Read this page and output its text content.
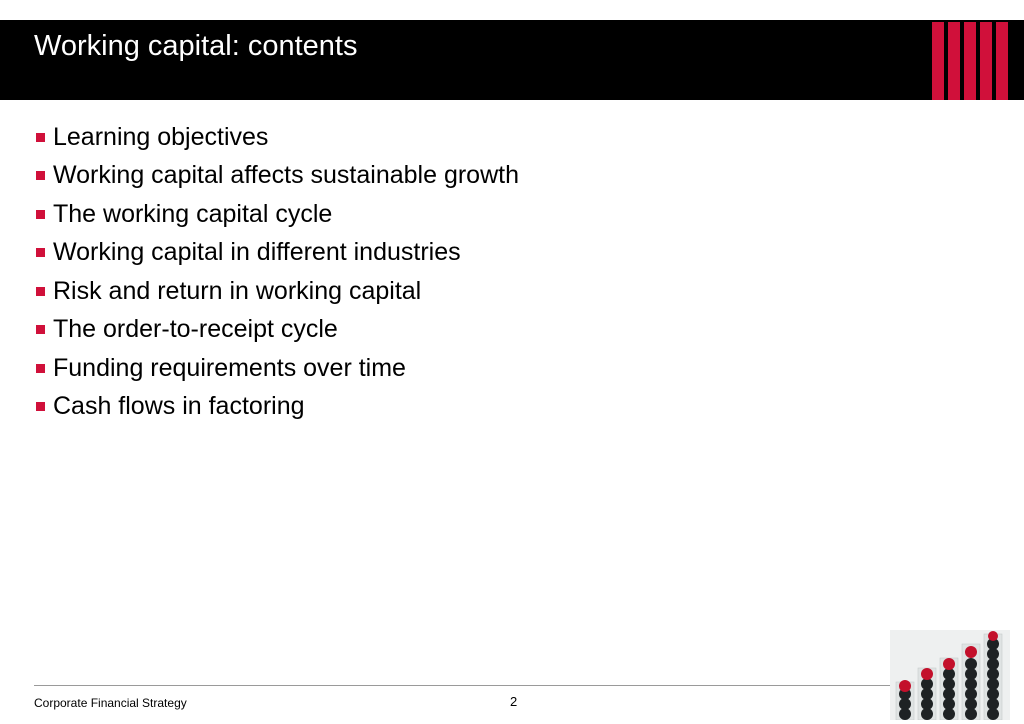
Working capital: contents
Learning objectives
Working capital affects sustainable growth
The working capital cycle
Working capital in different industries
Risk and return in working capital
The order-to-receipt cycle
Funding requirements over time
Cash flows in factoring
Corporate Financial Strategy	2
